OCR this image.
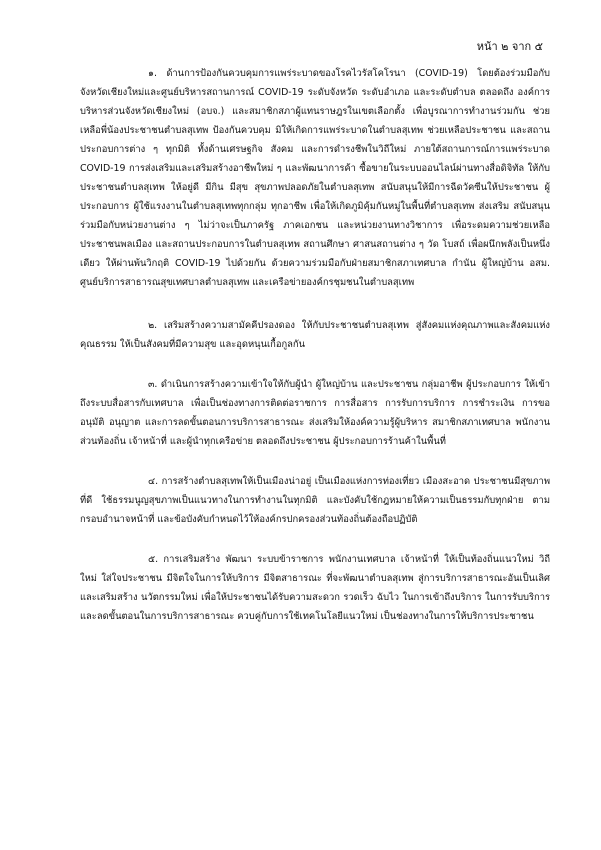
หน้า ๒ จาก ๕

๑. ด้านการป้องกันควบคุมการแพร่ระบาดของโรคไวรัสโคโรนา (COVID-19) โดยต้องร่วมมือกับจังหวัดเชียงใหม่และศูนย์บริหารสถานการณ์ COVID-19 ระดับจังหวัด ระดับอำเภอ และระดับตำบล ตลอดถึง องค์การบริหารส่วนจังหวัดเชียงใหม่ (อบจ.) และสมาชิกสภาผู้แทนราษฎรในเขตเลือกตั้ง เพื่อบูรณาการทำงานร่วมกัน ช่วยเหลือพี่น้องประชาชนตำบลสุเทพ ป้องกันควบคุม มิให้เกิดการแพร่ระบาดในตำบลสุเทพ ช่วยเหลือประชาชน และสถานประกอบการต่าง ๆ ทุกมิติ ทั้งด้านเศรษฐกิจ สังคม และการดำรงชีพในวิถีใหม่ ภายใต้สถานการณ์การแพร่ระบาด COVID-19 การส่งเสริมและเสริมสร้างอาชีพใหม่ ๆ และพัฒนาการค้า ซื้อขายในระบบออนไลน์ผ่านทางสื่อดิจิทัล ให้กับประชาชนตำบลสุเทพ ให้อยู่ดี มีกิน มีสุข สุขภาพปลอดภัยในตำบลสุเทพ สนับสนุนให้มีการฉีดวัคซีนให้ประชาชน ผู้ประกอบการ ผู้ใช้แรงงานในตำบลสุเทพทุกกลุ่ม ทุกอาชีพ เพื่อให้เกิดภูมิคุ้มกันหมู่ในพื้นที่ตำบลสุเทพ ส่งเสริม สนับสนุน ร่วมมือกับหน่วยงานต่าง ๆ ไม่ว่าจะเป็นภาครัฐ ภาคเอกชน และหน่วยงานทางวิชาการ เพื่อระดมความช่วยเหลือ ประชาชนพลเมือง และสถานประกอบการในตำบลสุเทพ สถานศึกษา ศาสนสถานต่าง ๆ วัด โบสถ์ เพื่อผนึกพลังเป็นหนึ่งเดียว ให้ผ่านพ้นวิกฤติ COVID-19 ไปด้วยกัน ด้วยความร่วมมือกับฝ่ายสมาชิกสภาเทศบาล กำนัน ผู้ใหญ่บ้าน อสม. ศูนย์บริการสาธารณสุขเทศบาลตำบลสุเทพ และเครือข่ายองค์กรชุมชนในตำบลสุเทพ

๒. เสริมสร้างความสามัคคีปรองดอง ให้กับประชาชนตำบลสุเทพ สู่สังคมแห่งคุณภาพและสังคมแห่งคุณธรรม ให้เป็นสังคมที่มีความสุข และอุดหนุนเกื้อกูลกัน

๓. ดำเนินการสร้างความเข้าใจให้กับผู้นำ ผู้ใหญ่บ้าน และประชาชน กลุ่มอาชีพ ผู้ประกอบการ ให้เข้าถึงระบบสื่อสารกับเทศบาล เพื่อเป็นช่องทางการติดต่อราชการ การสื่อสาร การรับการบริการ การชำระเงิน การขออนุมัติ อนุญาต และการลดขั้นตอนการบริการสาธารณะ ส่งเสริมให้องค์ความรู้ผู้บริหาร สมาชิกสภาเทศบาล พนักงานส่วนท้องถิ่น เจ้าหน้าที่ และผู้นำทุกเครือข่าย ตลอดถึงประชาชน ผู้ประกอบการร้านค้าในพื้นที่

๔. การสร้างตำบลสุเทพให้เป็นเมืองน่าอยู่ เป็นเมืองแห่งการท่องเที่ยว เมืองสะอาด ประชาชนมีสุขภาพที่ดี ใช้ธรรมนูญสุขภาพเป็นแนวทางในการทำงานในทุกมิติ และบังคับใช้กฎหมายให้ความเป็นธรรมกับทุกฝ่าย ตามกรอบอำนาจหน้าที่ และข้อบังคับกำหนดไว้ให้องค์กรปกครองส่วนท้องถิ่นต้องถือปฏิบัติ

๕. การเสริมสร้าง พัฒนา ระบบข้าราชการ พนักงานเทศบาล เจ้าหน้าที่ ให้เป็นท้องถิ่นแนวใหม่ วิถีใหม่ ใส่ใจประชาชน มีจิตใจในการให้บริการ มีจิตสาธารณะ ที่จะพัฒนาตำบลสุเทพ สู่การบริการสาธารณะอันเป็นเลิศ และเสริมสร้าง นวัตกรรมใหม่ เพื่อให้ประชาชนได้รับความสะดวก รวดเร็ว ฉับไว ในการเข้าถึงบริการ ในการรับบริการ และลดขั้นตอนในการบริการสาธารณะ ควบคู่กับการใช้เทคโนโลยีแนวใหม่ เป็นช่องทางในการให้บริการประชาชน
